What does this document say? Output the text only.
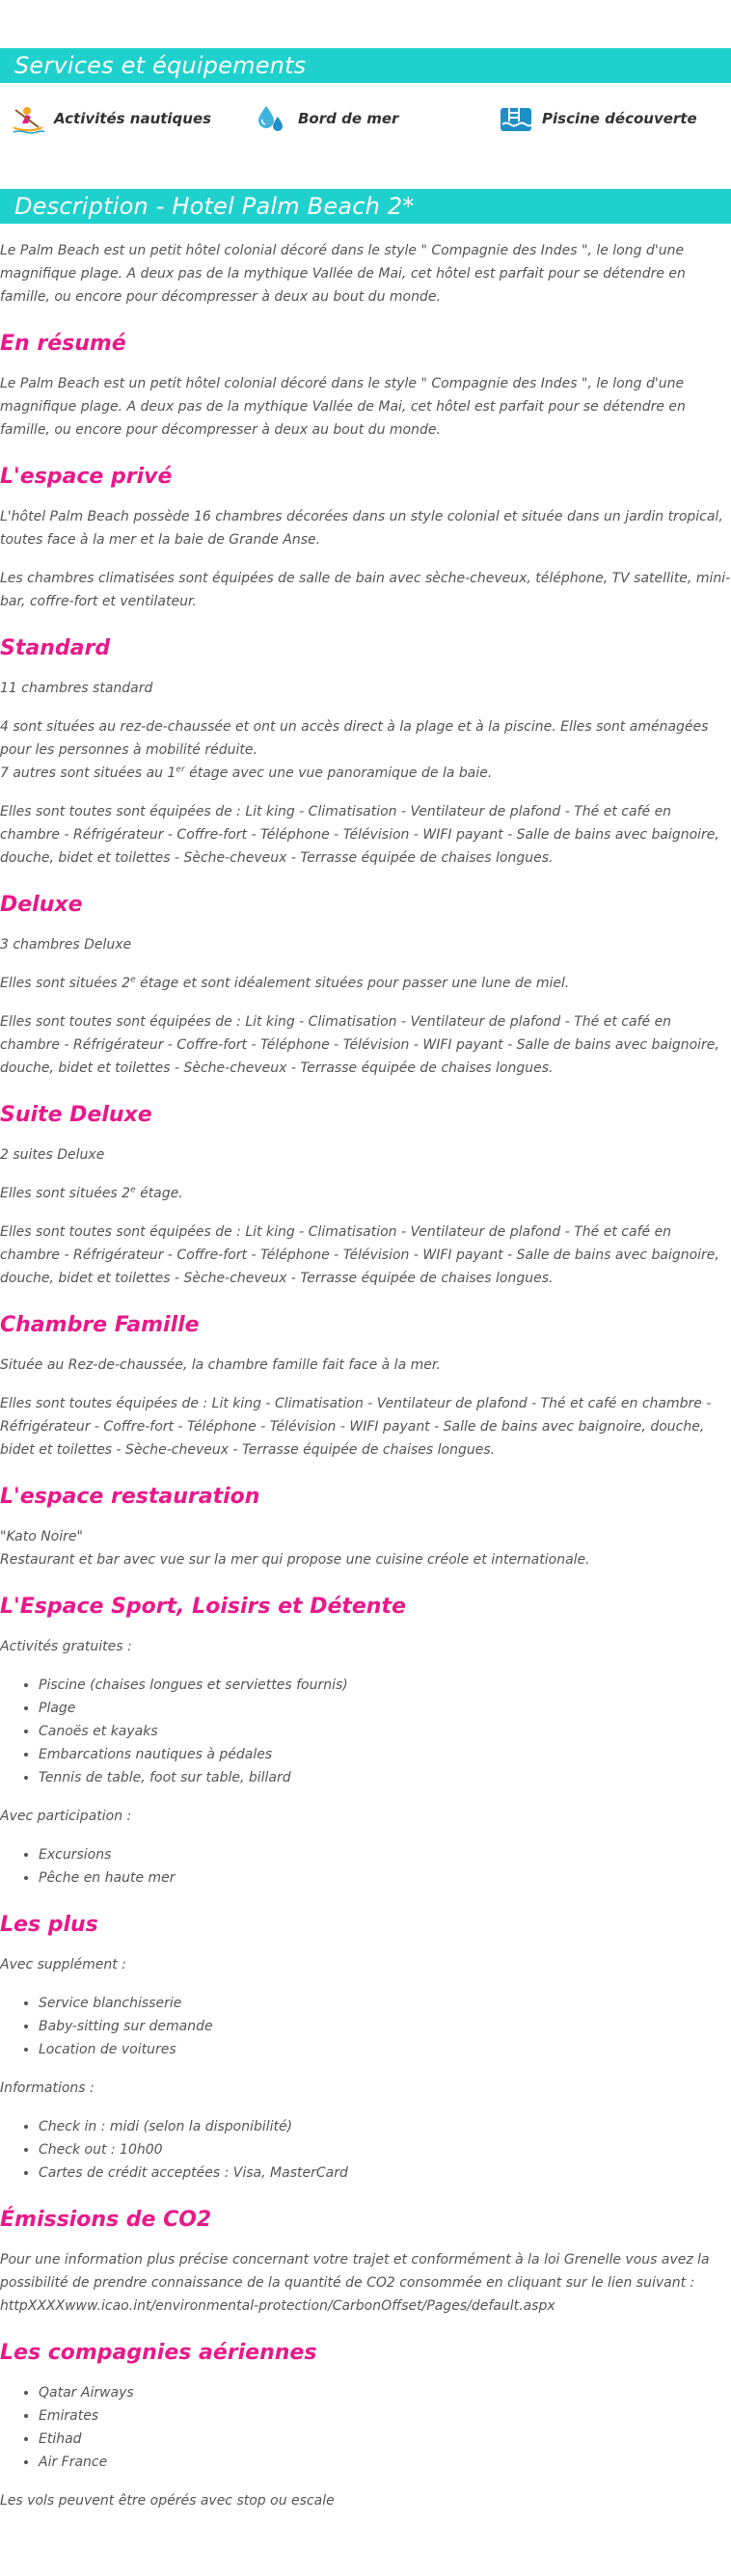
Services et équipements
Activités nautiques	Bord de mer	Piscine découverte
Description - Hotel Palm Beach 2*

Le Palm Beach est un petit hôtel colonial décoré dans le style " Compagnie des Indes ", le long d'une magnifique plage. A deux pas de la mythique Vallée de Mai, cet hôtel est parfait pour se détendre en famille, ou encore pour décompresser à deux au bout du monde.

En résumé

Le Palm Beach est un petit hôtel colonial décoré dans le style " Compagnie des Indes ", le long d'une magnifique plage. A deux pas de la mythique Vallée de Mai, cet hôtel est parfait pour se détendre en famille, ou encore pour décompresser à deux au bout du monde.

L'espace privé

L'hôtel Palm Beach possède 16 chambres décorées dans un style colonial et située dans un jardin tropical, toutes face à la mer et la baie de Grande Anse.

Les chambres climatisées sont équipées de salle de bain avec sèche-cheveux, téléphone, TV satellite, mini-bar, coffre-fort et ventilateur.

Standard

11 chambres standard

4 sont situées au rez-de-chaussée et ont un accès direct à la plage et à la piscine. Elles sont aménagées pour les personnes à mobilité réduite.
7 autres sont situées au 1er étage avec une vue panoramique de la baie.

Elles sont toutes sont équipées de : Lit king - Climatisation - Ventilateur de plafond - Thé et café en chambre - Réfrigérateur - Coffre-fort - Téléphone - Télévision - WIFI payant - Salle de bains avec baignoire, douche, bidet et toilettes - Sèche-cheveux - Terrasse équipée de chaises longues.

Deluxe

3 chambres Deluxe

Elles sont situées 2e étage et sont idéalement situées pour passer une lune de miel.

Elles sont toutes sont équipées de : Lit king - Climatisation - Ventilateur de plafond - Thé et café en chambre - Réfrigérateur - Coffre-fort - Téléphone - Télévision - WIFI payant - Salle de bains avec baignoire, douche, bidet et toilettes - Sèche-cheveux - Terrasse équipée de chaises longues.

Suite Deluxe

2 suites Deluxe

Elles sont situées 2e étage.

Elles sont toutes sont équipées de : Lit king - Climatisation - Ventilateur de plafond - Thé et café en chambre - Réfrigérateur - Coffre-fort - Téléphone - Télévision - WIFI payant - Salle de bains avec baignoire, douche, bidet et toilettes - Sèche-cheveux - Terrasse équipée de chaises longues.

Chambre Famille

Située au Rez-de-chaussée, la chambre famille fait face à la mer.

Elles sont toutes équipées de : Lit king - Climatisation - Ventilateur de plafond - Thé et café en chambre - Réfrigérateur - Coffre-fort - Téléphone - Télévision - WIFI payant - Salle de bains avec baignoire, douche, bidet et toilettes - Sèche-cheveux - Terrasse équipée de chaises longues.

L'espace restauration

"Kato Noire"
Restaurant et bar avec vue sur la mer qui propose une cuisine créole et internationale.

L'Espace Sport, Loisirs et Détente

Activités gratuites :

• Piscine (chaises longues et serviettes fournis)
• Plage
• Canoës et kayaks
• Embarcations nautiques à pédales
• Tennis de table, foot sur table, billard

Avec participation :

• Excursions
• Pêche en haute mer
Les plus

Avec supplément :

• Service blanchisserie
• Baby-sitting sur demande
• Location de voitures

Informations :

• Check in : midi (selon la disponibilité)
• Check out : 10h00
• Cartes de crédit acceptées : Visa, MasterCard
Émissions de CO2

Pour une information plus précise concernant votre trajet et conformément à la loi Grenelle vous avez la possibilité de prendre connaissance de la quantité de CO2 consommée en cliquant sur le lien suivant : httpXXXXwww.icao.int/environmental-protection/CarbonOffset/Pages/default.aspx

Les compagnies aériennes
• Qatar Airways
• Emirates
• Etihad
• Air France

Les vols peuvent être opérés avec stop ou escale
